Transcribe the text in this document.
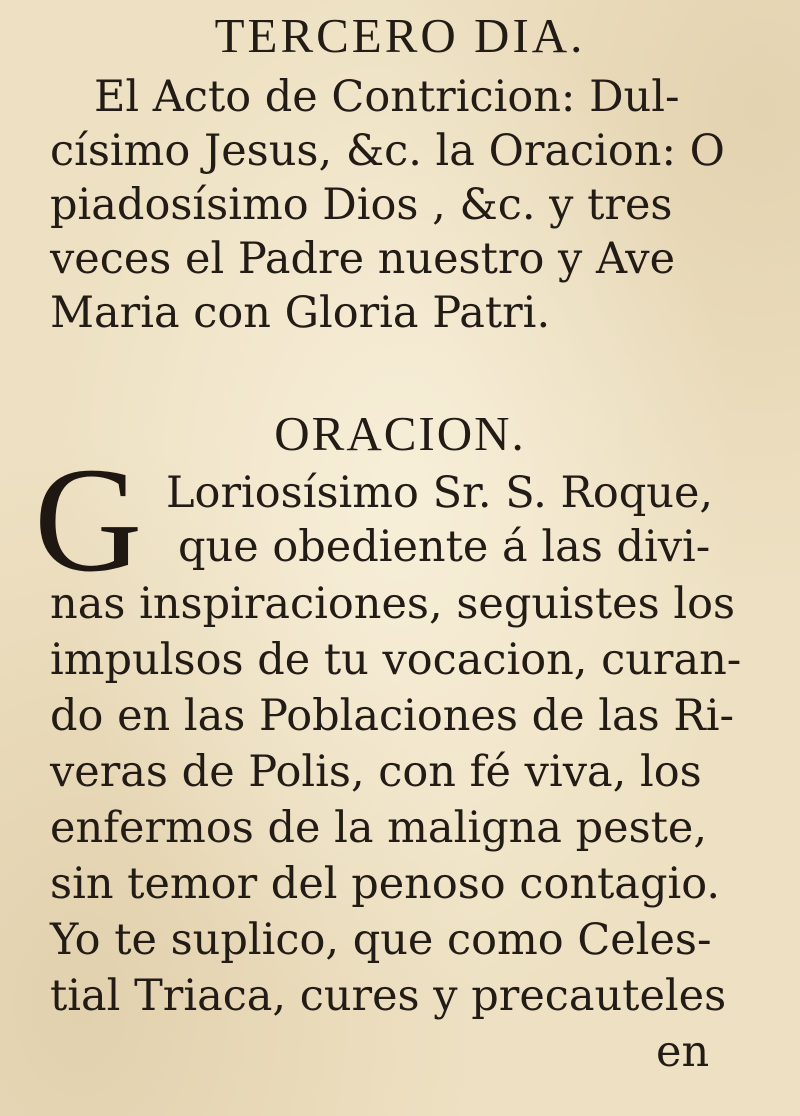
TERCERO DIA.
El Acto de Contricion: Dul-
císimo Jesus, &c. la Oracion: O
piadosísimo Dios , &c. y tres
veces el Padre nuestro y Ave
Maria con Gloria Patri.
ORACION.
G Loriosísimo Sr. S. Roque,
que obediente á las divi-
nas inspiraciones, seguistes los
impulsos de tu vocacion, curan-
do en las Poblaciones de las Ri-
veras de Polis, con fé viva, los
enfermos de la maligna peste,
sin temor del penoso contagio.
Yo te suplico, que como Celes-
tial Triaca, cures y precauteles
en
